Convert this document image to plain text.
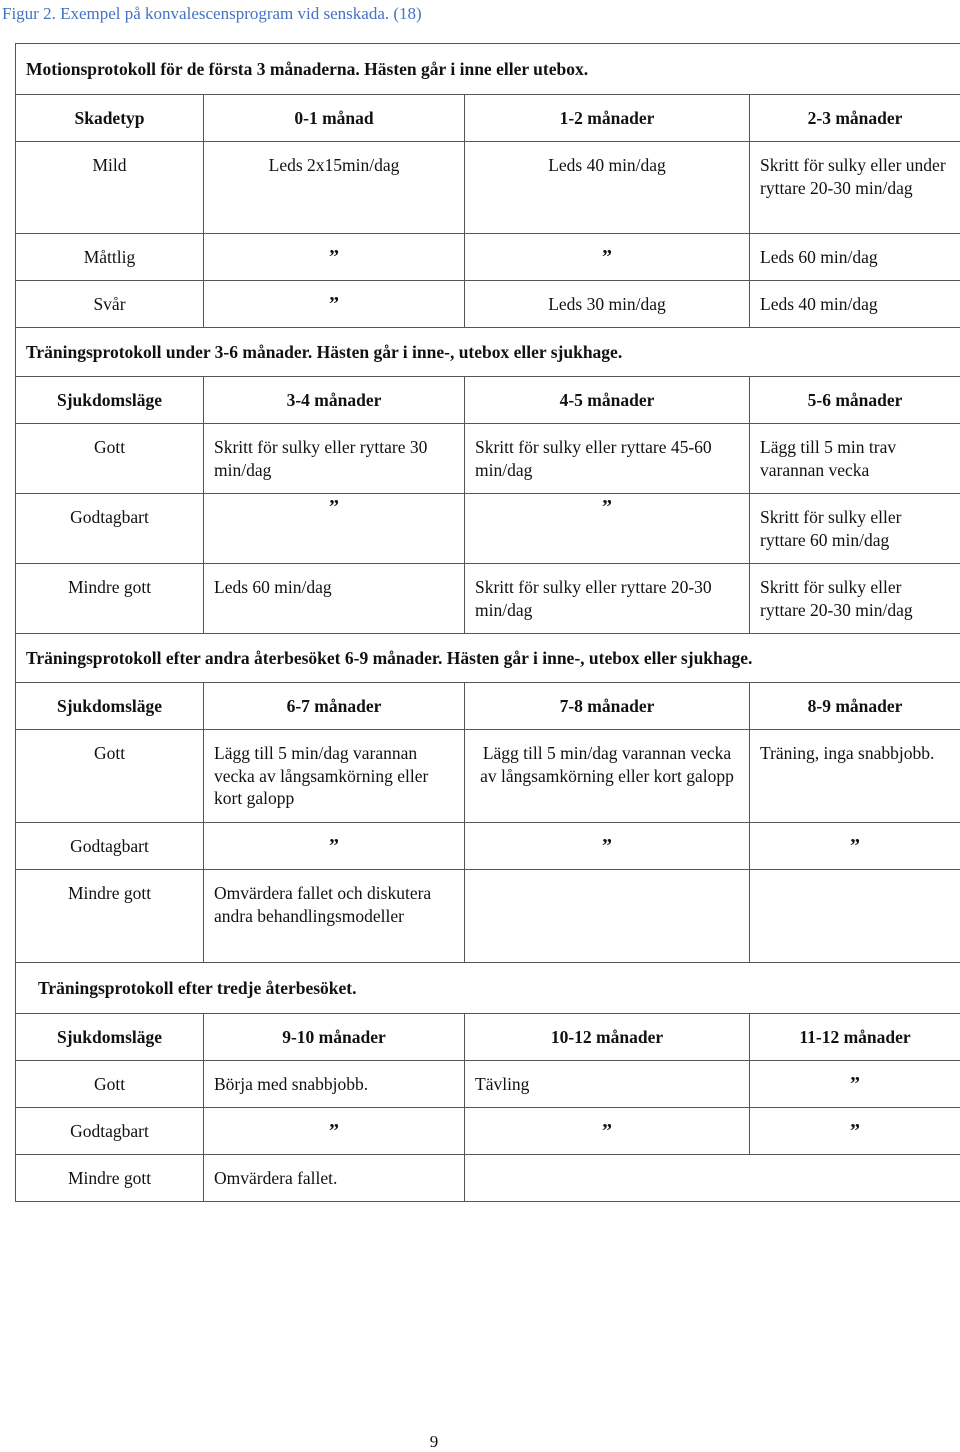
Figur 2. Exempel på konvalescensprogram vid senskada. (18)
Motionsprotokoll för de första 3 månaderna. Hästen går i inne eller utebox.			
Skadetyp	0-1 månad	1-2 månader	2-3 månader
Mild	Leds 2x15min/dag	Leds 40 min/dag	Skritt för sulky eller under ryttare 20-30 min/dag
Måttlig	”	”	Leds 60 min/dag
Svår	”	Leds 30 min/dag	Leds 40 min/dag
Träningsprotokoll under 3-6 månader. Hästen går i inne-, utebox eller sjukhage.			
Sjukdomsläge	3-4 månader	4-5 månader	5-6 månader
Gott	Skritt för sulky eller ryttare 30 min/dag	Skritt för sulky eller ryttare 45-60 min/dag	Lägg till 5 min trav varannan vecka
Godtagbart	”	”	Skritt för sulky eller ryttare 60 min/dag
Mindre gott	Leds 60 min/dag	Skritt för sulky eller ryttare 20-30 min/dag	Skritt för sulky eller ryttare 20-30 min/dag
Träningsprotokoll efter andra återbesöket 6-9 månader. Hästen går i inne-, utebox eller sjukhage.			
Sjukdomsläge	6-7 månader	7-8 månader	8-9 månader
Gott	Lägg till 5 min/dag varannan vecka av långsamkörning eller kort galopp	Lägg till 5 min/dag varannan vecka av långsamkörning eller kort galopp	Träning, inga snabbjobb.
Godtagbart	”	”	”
Mindre gott	Omvärdera fallet och diskutera andra behandlingsmodeller		
Träningsprotokoll efter tredje återbesöket.			
Sjukdomsläge	9-10 månader	10-12 månader	11-12 månader
Gott	Börja med snabbjobb.	Tävling	”
Godtagbart	”	”	”
Mindre gott	Omvärdera fallet.		
9
